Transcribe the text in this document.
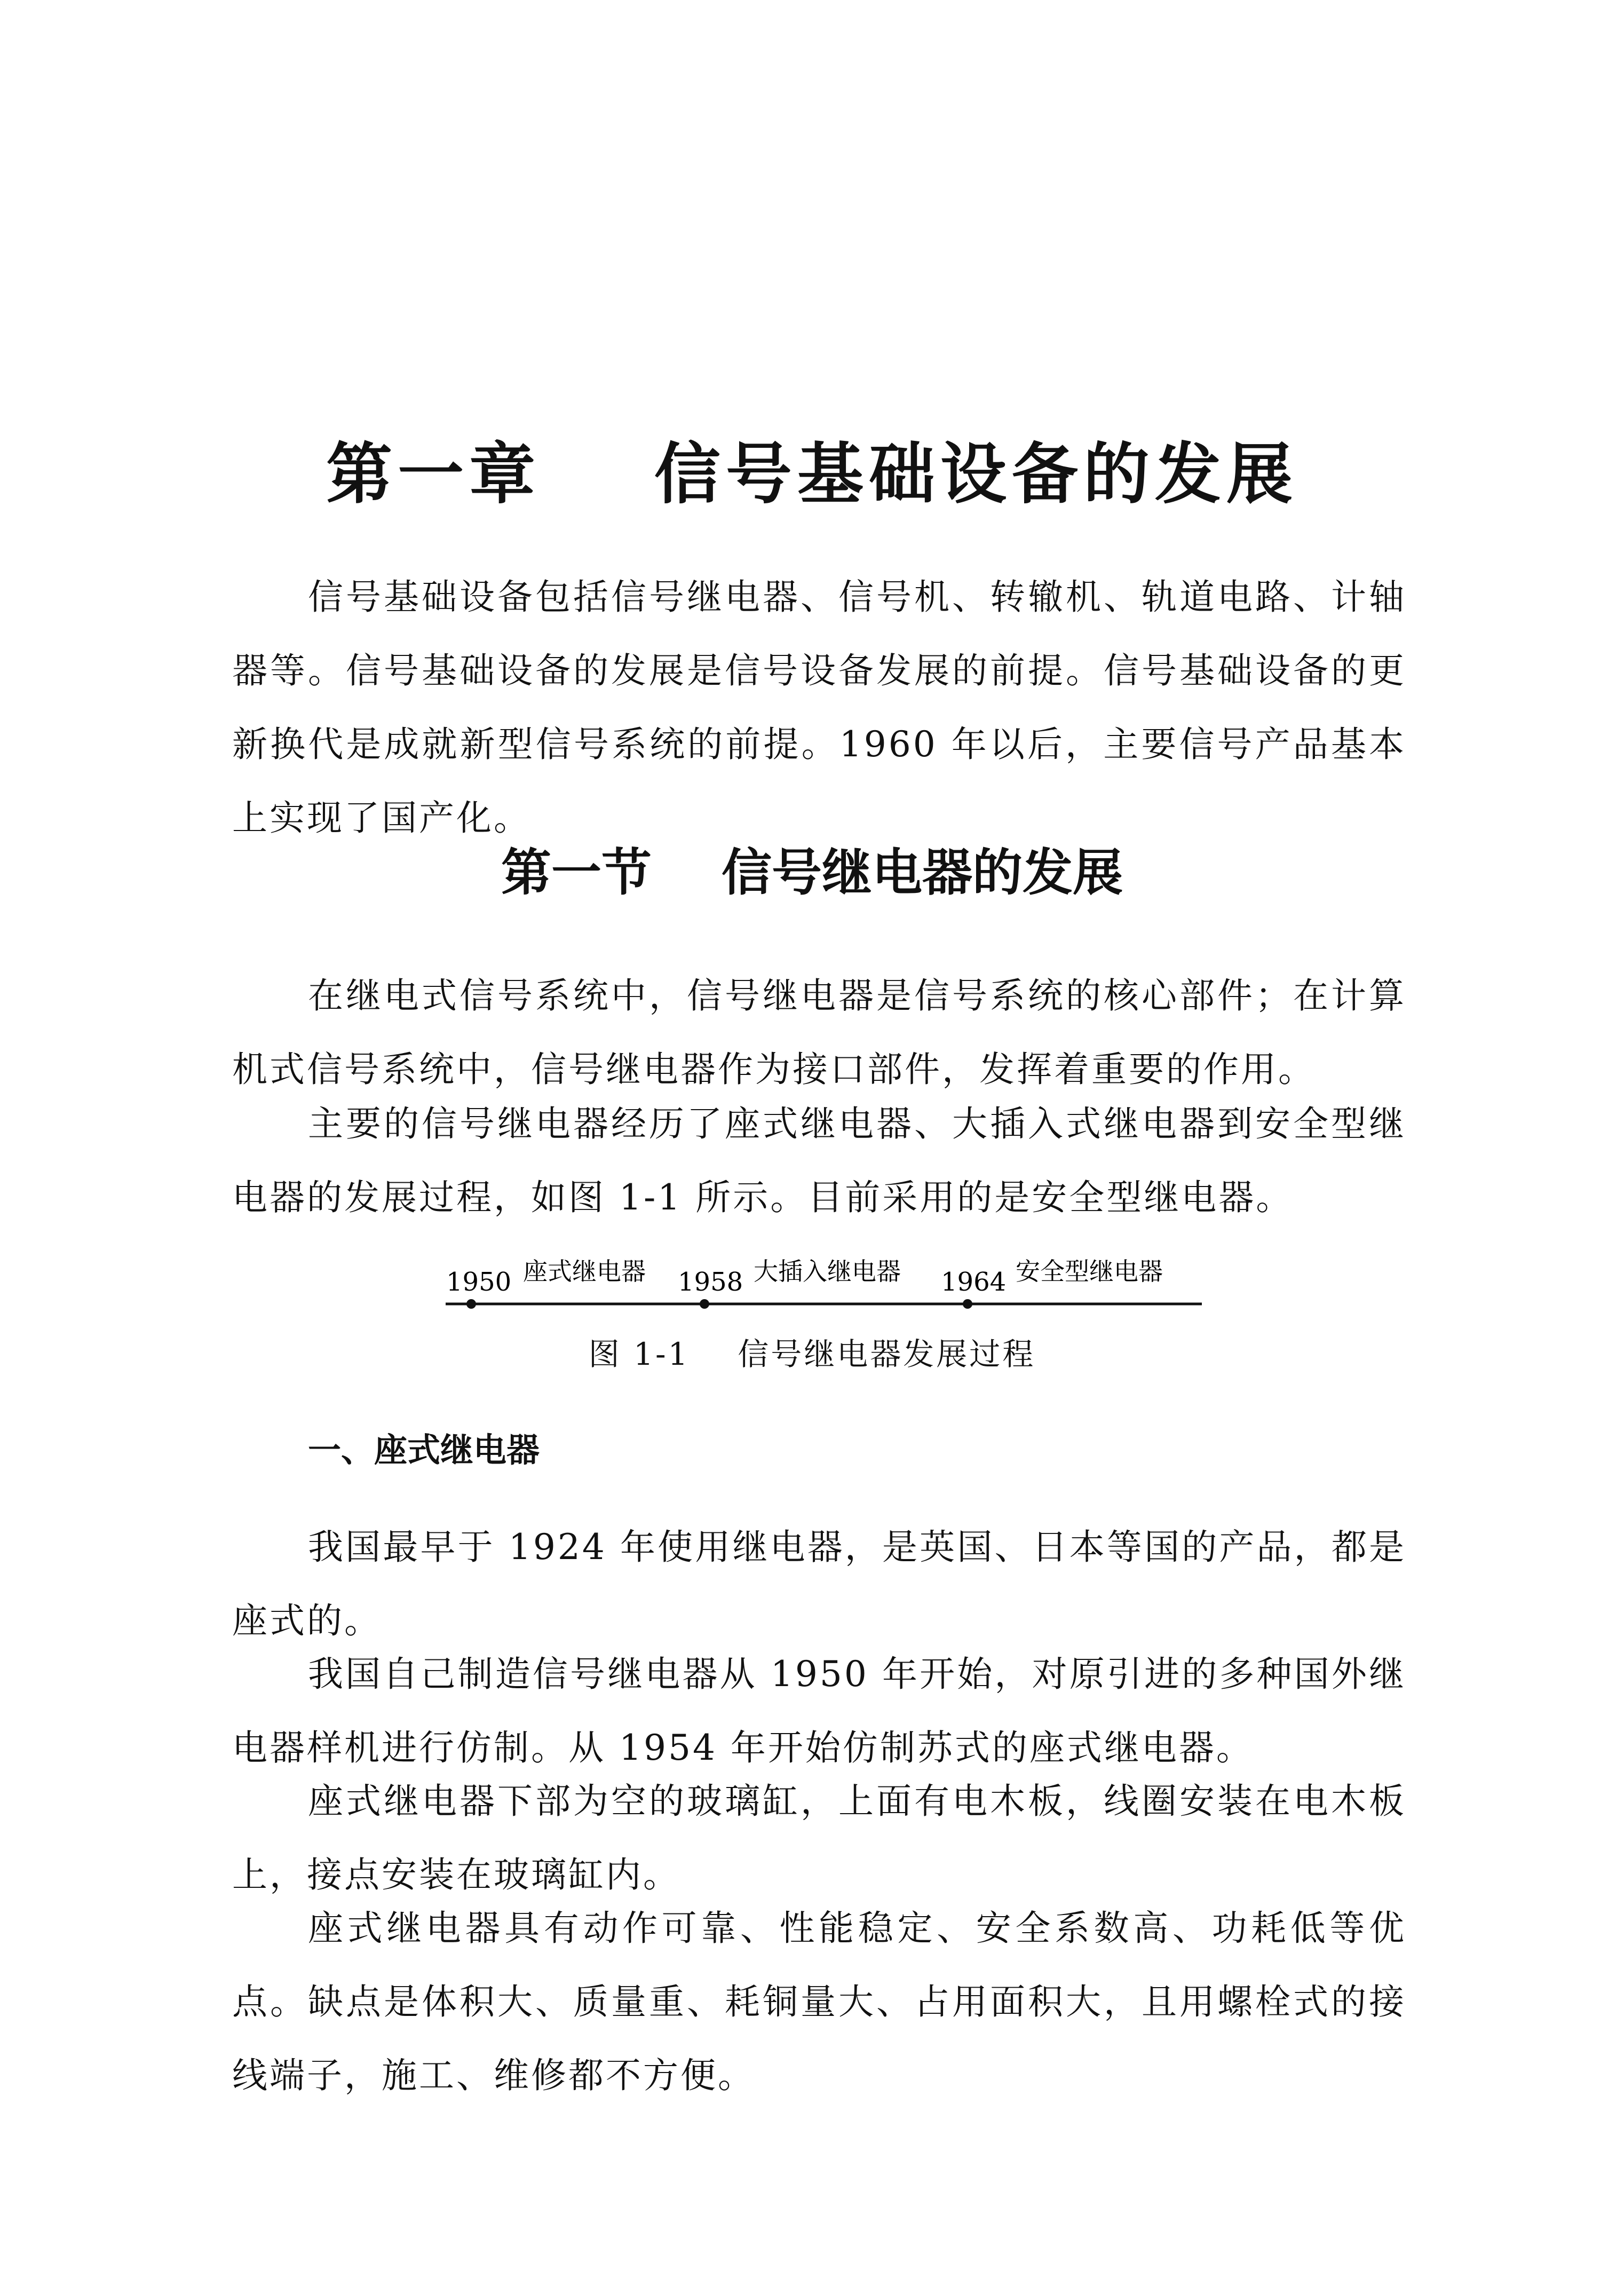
第一章    信号基础设备的发展

信号基础设备包括信号继电器、信号机、转辙机、轨道电路、计轴器等。信号基础设备的发展是信号设备发展的前提。信号基础设备的更新换代是成就新型信号系统的前提。1960 年以后，主要信号产品基本上实现了国产化。

第一节    信号继电器的发展

在继电式信号系统中，信号继电器是信号系统的核心部件；在计算机式信号系统中，信号继电器作为接口部件，发挥着重要的作用。

主要的信号继电器经历了座式继电器、大插入式继电器到安全型继电器的发展过程，如图 1-1 所示。目前采用的是安全型继电器。

1950	1958	1964
座式继电器	大插入继电器	安全型继电器

图 1-1    信号继电器发展过程

一、座式继电器

我国最早于 1924 年使用继电器，是英国、日本等国的产品，都是座式的。

我国自己制造信号继电器从 1950 年开始，对原引进的多种国外继电器样机进行仿制。从 1954 年开始仿制苏式的座式继电器。

座式继电器下部为空的玻璃缸，上面有电木板，线圈安装在电木板上，接点安装在玻璃缸内。

座式继电器具有动作可靠、性能稳定、安全系数高、功耗低等优点。缺点是体积大、质量重、耗铜量大、占用面积大，且用螺栓式的接线端子，施工、维修都不方便。
